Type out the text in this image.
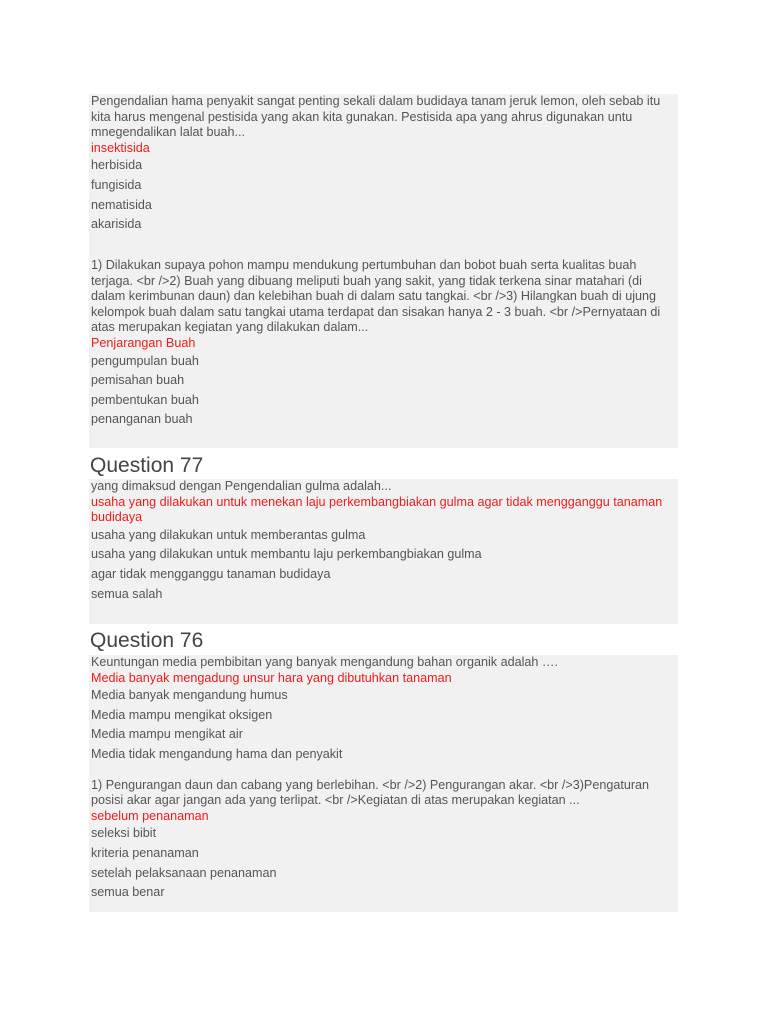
Pengendalian hama penyakit sangat penting sekali dalam budidaya tanam jeruk lemon, oleh sebab itu kita harus mengenal pestisida yang akan kita gunakan. Pestisida apa yang ahrus digunakan untu mnegendalikan lalat buah...

insektisida

herbisida
fungisida
nematisida
akarisida

1) Dilakukan supaya pohon mampu mendukung pertumbuhan dan bobot buah serta kualitas buah terjaga. <br />2) Buah yang dibuang meliputi buah yang sakit, yang tidak terkena sinar matahari (di dalam kerimbunan daun) dan kelebihan buah di dalam satu tangkai. <br />3) Hilangkan buah di ujung kelompok buah dalam satu tangkai utama terdapat dan sisakan hanya 2 - 3 buah. <br />Pernyataan di atas merupakan kegiatan yang dilakukan dalam...

Penjarangan Buah

pengumpulan buah
pemisahan buah
pembentukan buah
penanganan buah
Question 77

yang dimaksud dengan Pengendalian gulma adalah...

usaha yang dilakukan untuk menekan laju perkembangbiakan gulma agar tidak mengganggu tanaman budidaya

usaha yang dilakukan untuk memberantas gulma
usaha yang dilakukan untuk membantu laju perkembangbiakan gulma
agar tidak mengganggu tanaman budidaya
semua salah
Question 76

Keuntungan media pembibitan yang banyak mengandung bahan organik adalah ….

Media banyak mengadung unsur hara yang dibutuhkan tanaman

Media banyak mengandung humus
Media mampu mengikat oksigen
Media mampu mengikat air
Media tidak mengandung hama dan penyakit

1) Pengurangan daun dan cabang yang berlebihan. <br />2) Pengurangan akar. <br />3)Pengaturan posisi akar agar jangan ada yang terlipat. <br />Kegiatan di atas merupakan kegiatan ...

sebelum penanaman

seleksi bibit
kriteria penanaman
setelah pelaksanaan penanaman
semua benar
